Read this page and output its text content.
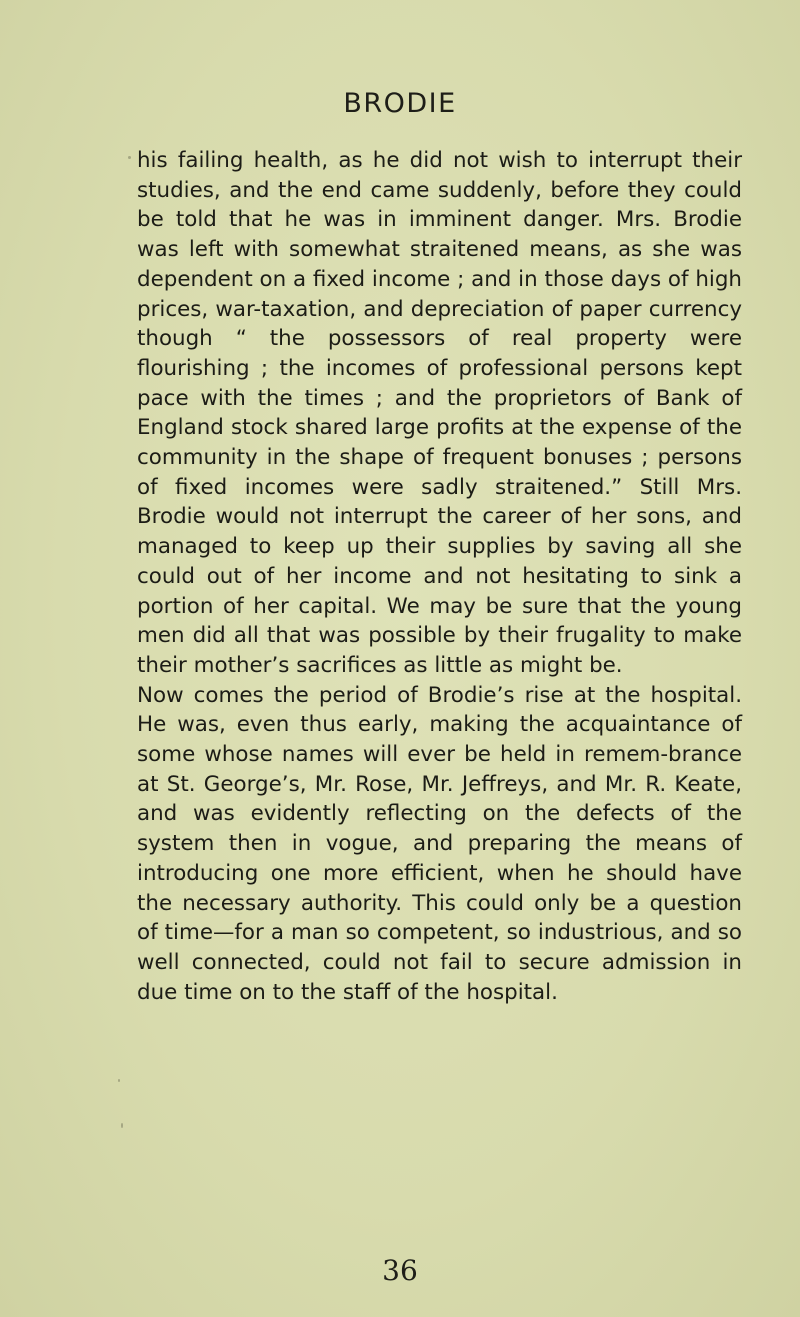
BRODIE

his failing health, as he did not wish to interrupt their studies, and the end came suddenly, before they could be told that he was in imminent danger. Mrs. Brodie was left with somewhat straitened means, as she was dependent on a fixed income ; and in those days of high prices, war-taxation, and depreciation of paper currency though “ the possessors of real property were flourishing ; the incomes of professional persons kept pace with the times ; and the proprietors of Bank of England stock shared large profits at the expense of the community in the shape of frequent bonuses ; persons of fixed incomes were sadly straitened.” Still Mrs. Brodie would not interrupt the career of her sons, and managed to keep up their supplies by saving all she could out of her income and not hesitating to sink a portion of her capital. We may be sure that the young men did all that was possible by their frugality to make their mother’s sacrifices as little as might be.

Now comes the period of Brodie’s rise at the hospital. He was, even thus early, making the acquaintance of some whose names will ever be held in remem-brance at St. George’s, Mr. Rose, Mr. Jeffreys, and Mr. R. Keate, and was evidently reflecting on the defects of the system then in vogue, and preparing the means of introducing one more efficient, when he should have the necessary authority. This could only be a question of time—for a man so competent, so industrious, and so well connected, could not fail to secure admission in due time on to the staff of the hospital.

36
